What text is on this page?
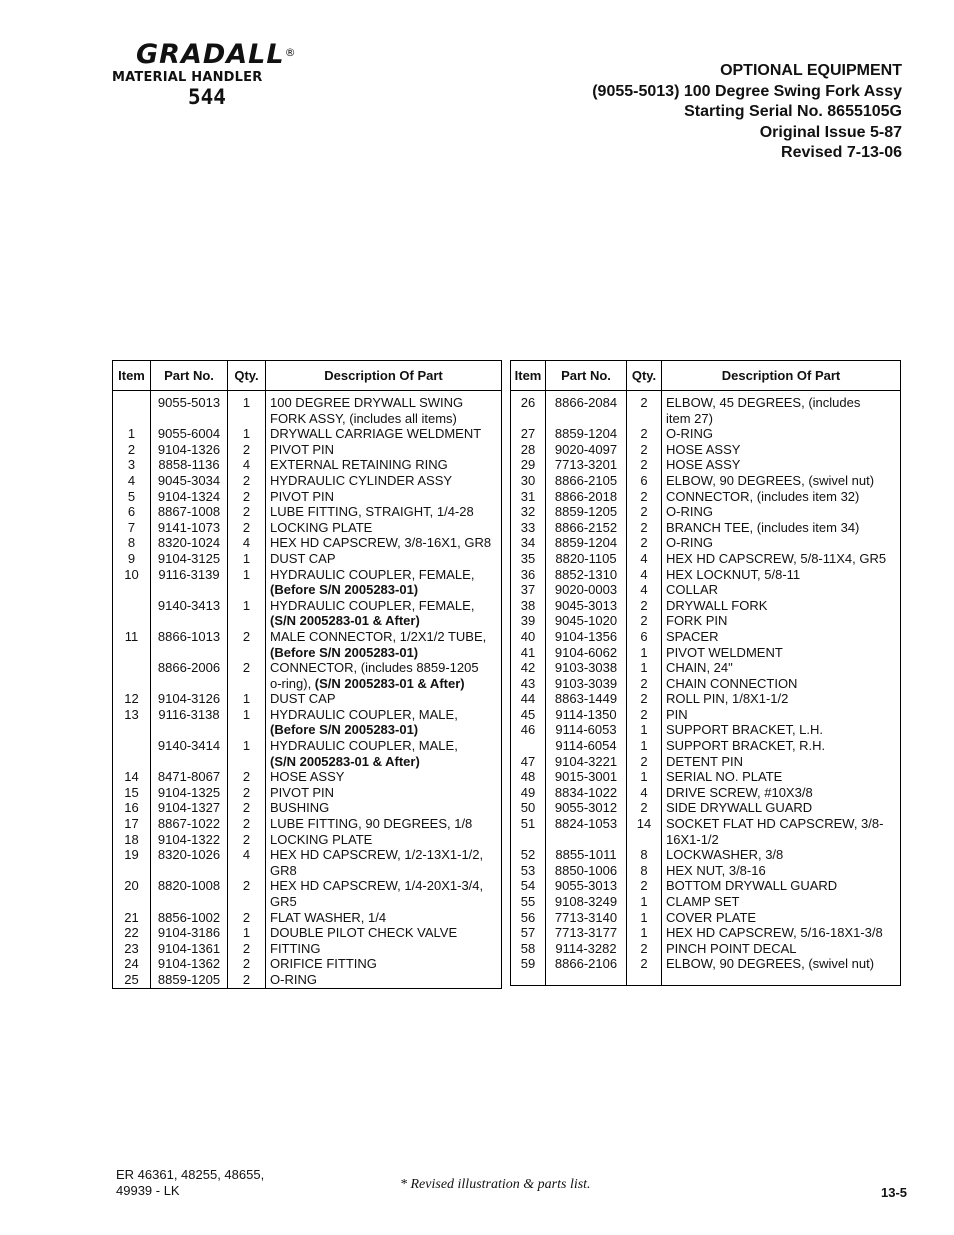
GRADALL®
MATERIAL HANDLER
544
OPTIONAL EQUIPMENT
(9055-5013) 100 Degree Swing Fork Assy
Starting Serial No. 8655105G
Original Issue 5-87
Revised 7-13-06
Item	Part No.	Qty.	Description Of Part
	9055-5013	1	100 DEGREE DRYWALL SWING
			FORK ASSY, (includes all items)
1	9055-6004	1	DRYWALL CARRIAGE WELDMENT
2	9104-1326	2	PIVOT PIN
3	8858-1136	4	EXTERNAL RETAINING RING
4	9045-3034	2	HYDRAULIC CYLINDER ASSY
5	9104-1324	2	PIVOT PIN
6	8867-1008	2	LUBE FITTING, STRAIGHT, 1/4-28
7	9141-1073	2	LOCKING PLATE
8	8320-1024	4	HEX HD CAPSCREW, 3/8-16X1, GR8
9	9104-3125	1	DUST CAP
10	9116-3139	1	HYDRAULIC COUPLER, FEMALE,
			(Before S/N 2005283-01)
	9140-3413	1	HYDRAULIC COUPLER, FEMALE,
			(S/N 2005283-01 & After)
11	8866-1013	2	MALE CONNECTOR, 1/2X1/2 TUBE,
			(Before S/N 2005283-01)
	8866-2006	2	CONNECTOR, (includes 8859-1205
			o-ring), (S/N 2005283-01 & After)
12	9104-3126	1	DUST CAP
13	9116-3138	1	HYDRAULIC COUPLER, MALE,
			(Before S/N 2005283-01)
	9140-3414	1	HYDRAULIC COUPLER, MALE,
			(S/N 2005283-01 & After)
14	8471-8067	2	HOSE ASSY
15	9104-1325	2	PIVOT PIN
16	9104-1327	2	BUSHING
17	8867-1022	2	LUBE FITTING, 90 DEGREES, 1/8
18	9104-1322	2	LOCKING PLATE
19	8320-1026	4	HEX HD CAPSCREW, 1/2-13X1-1/2,
			GR8
20	8820-1008	2	HEX HD CAPSCREW, 1/4-20X1-3/4,
			GR5
21	8856-1002	2	FLAT WASHER, 1/4
22	9104-3186	1	DOUBLE PILOT CHECK VALVE
23	9104-1361	2	FITTING
24	9104-1362	2	ORIFICE FITTING
25	8859-1205	2	O-RING

Item	Part No.	Qty.	Description Of Part
26	8866-2084	2	ELBOW, 45 DEGREES, (includes
			item 27)
27	8859-1204	2	O-RING
28	9020-4097	2	HOSE ASSY
29	7713-3201	2	HOSE ASSY
30	8866-2105	6	ELBOW, 90 DEGREES, (swivel nut)
31	8866-2018	2	CONNECTOR, (includes item 32)
32	8859-1205	2	O-RING
33	8866-2152	2	BRANCH TEE, (includes item 34)
34	8859-1204	2	O-RING
35	8820-1105	4	HEX HD CAPSCREW, 5/8-11X4, GR5
36	8852-1310	4	HEX LOCKNUT, 5/8-11
37	9020-0003	4	COLLAR
38	9045-3013	2	DRYWALL FORK
39	9045-1020	2	FORK PIN
40	9104-1356	6	SPACER
41	9104-6062	1	PIVOT WELDMENT
42	9103-3038	1	CHAIN, 24"
43	9103-3039	2	CHAIN CONNECTION
44	8863-1449	2	ROLL PIN, 1/8X1-1/2
45	9114-1350	2	PIN
46	9114-6053	1	SUPPORT BRACKET, L.H.
	9114-6054	1	SUPPORT BRACKET, R.H.
47	9104-3221	2	DETENT PIN
48	9015-3001	1	SERIAL NO. PLATE
49	8834-1022	4	DRIVE SCREW, #10X3/8
50	9055-3012	2	SIDE DRYWALL GUARD
51	8824-1053	14	SOCKET FLAT HD CAPSCREW, 3/8-
			16X1-1/2
52	8855-1011	8	LOCKWASHER, 3/8
53	8850-1006	8	HEX NUT, 3/8-16
54	9055-3013	2	BOTTOM DRYWALL GUARD
55	9108-3249	1	CLAMP SET
56	7713-3140	1	COVER PLATE
57	7713-3177	1	HEX HD CAPSCREW, 5/16-18X1-3/8
58	9114-3282	2	PINCH POINT DECAL
59	8866-2106	2	ELBOW, 90 DEGREES, (swivel nut)

ER 46361, 48255, 48655,
49939 - LK	* Revised illustration & parts list.
13-5
